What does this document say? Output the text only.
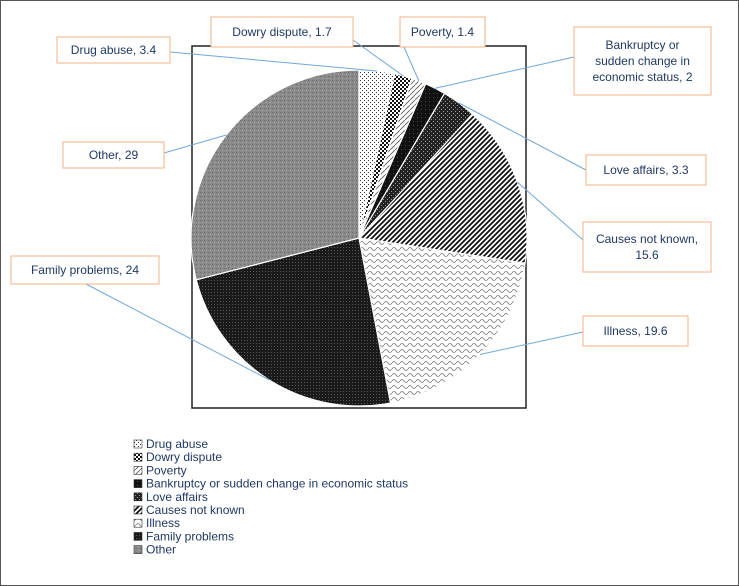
Drug abuse, 3.4
Dowry dispute, 1.7	Poverty, 1.4
Bankruptcy or sudden change in economic status, 2
Love affairs, 3.3
Causes not known, 15.6
Illness, 19.6
Family problems, 24
Other, 29
Drug abuse
Dowry dispute
Poverty
Bankruptcy or sudden change in economic status
Love affairs
Causes not known
Illness
Family problems
Other
